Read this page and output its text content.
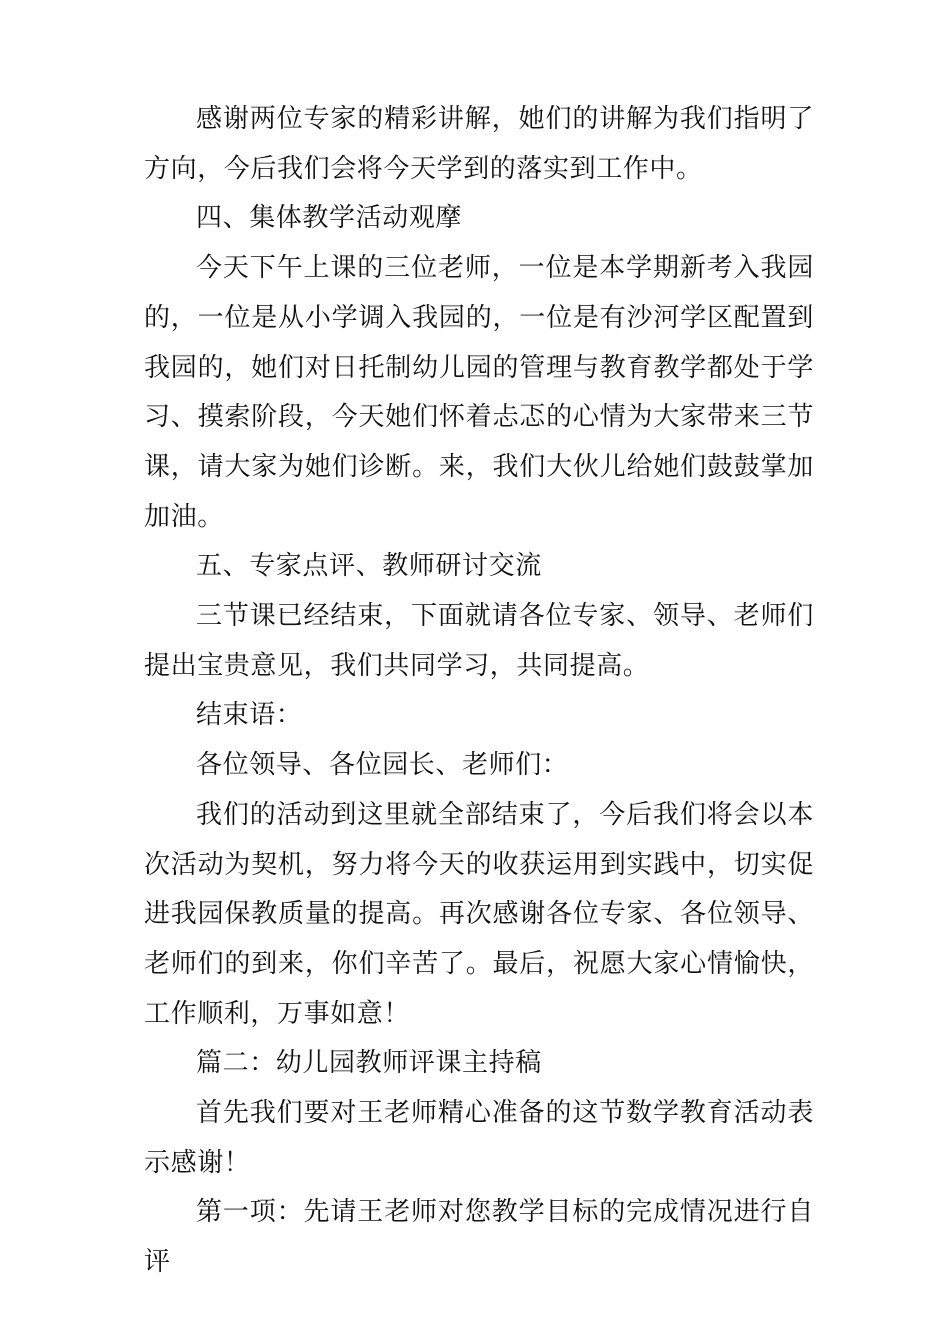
感谢两位专家的精彩讲解，她们的讲解为我们指明了方向，今后我们会将今天学到的落实到工作中。

四、集体教学活动观摩

今天下午上课的三位老师，一位是本学期新考入我园的，一位是从小学调入我园的，一位是有沙河学区配置到我园的，她们对日托制幼儿园的管理与教育教学都处于学习、摸索阶段，今天她们怀着忐忑的心情为大家带来三节课，请大家为她们诊断。来，我们大伙儿给她们鼓鼓掌加加油。

五、专家点评、教师研讨交流

三节课已经结束，下面就请各位专家、领导、老师们提出宝贵意见，我们共同学习，共同提高。

结束语：

各位领导、各位园长、老师们：

我们的活动到这里就全部结束了，今后我们将会以本次活动为契机，努力将今天的收获运用到实践中，切实促进我园保教质量的提高。再次感谢各位专家、各位领导、老师们的到来，你们辛苦了。最后，祝愿大家心情愉快，工作顺利，万事如意！

篇二：幼儿园教师评课主持稿

首先我们要对王老师精心准备的这节数学教育活动表示感谢！

第一项：先请王老师对您教学目标的完成情况进行自评
